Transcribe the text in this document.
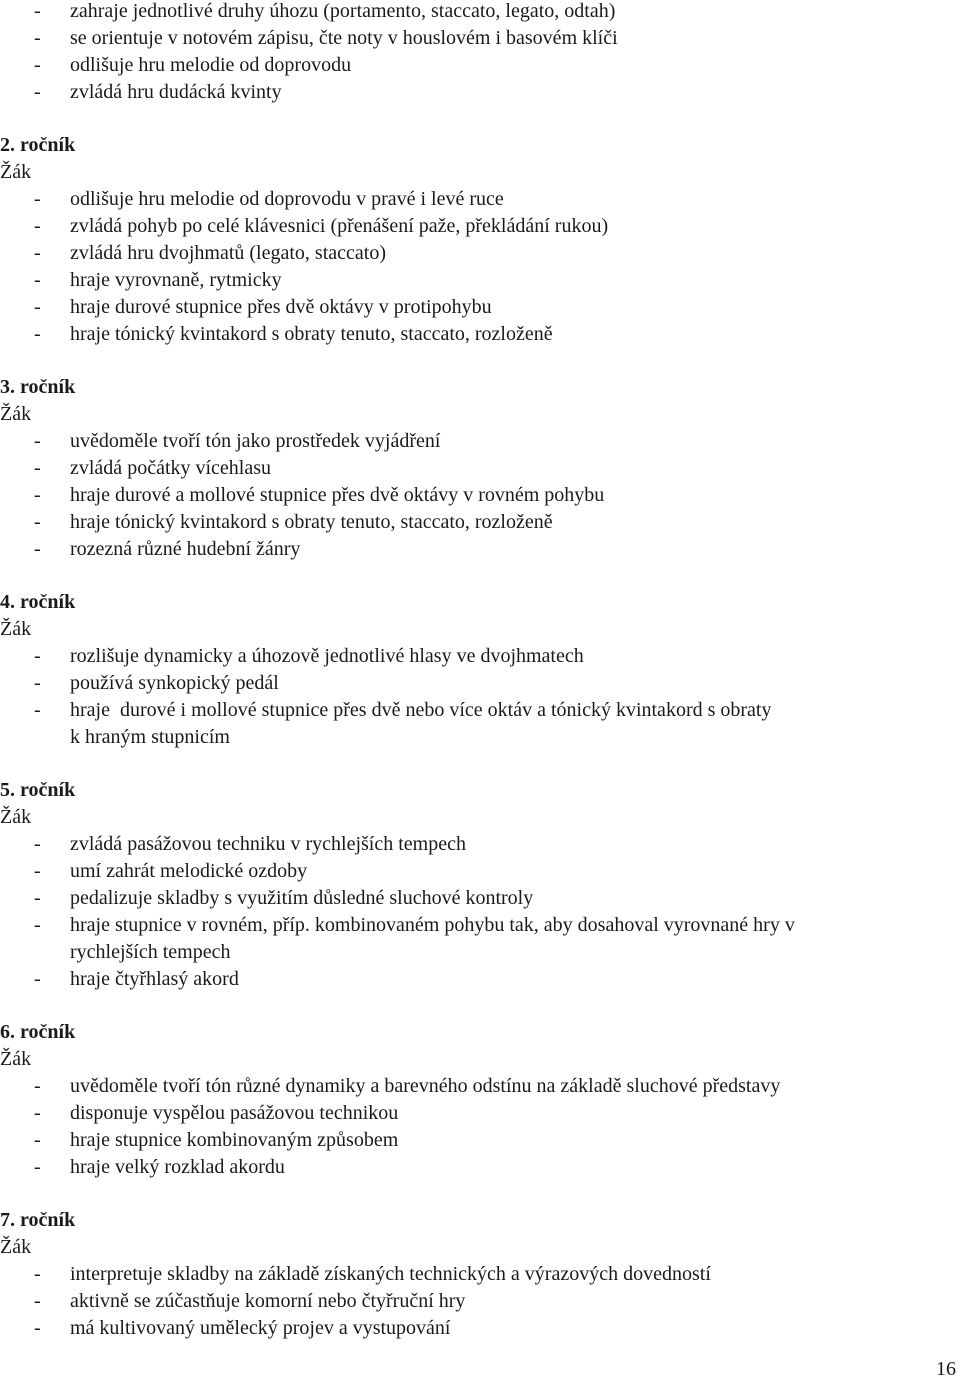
- zahraje jednotlivé druhy úhozu (portamento, staccato, legato, odtah)
- se orientuje v notovém zápisu, čte noty v houslovém i basovém klíči
- odlišuje hru melodie od doprovodu
- zvládá hru dudácká kvinty
2. ročník
Žák
- odlišuje hru melodie od doprovodu v pravé i levé ruce
- zvládá pohyb po celé klávesnici (přenášení paže, překládání rukou)
- zvládá hru dvojhmatů (legato, staccato)
- hraje vyrovnaně, rytmicky
- hraje durové stupnice přes dvě oktávy v protipohybu
- hraje tónický kvintakord s obraty tenuto, staccato, rozloženě
3. ročník
Žák
- uvědoměle tvoří tón jako prostředek vyjádření
- zvládá počátky vícehlasu
- hraje durové a mollové stupnice přes dvě oktávy v rovném pohybu
- hraje tónický kvintakord s obraty tenuto, staccato, rozloženě
- rozezná různé hudební žánry
4. ročník
Žák
- rozlišuje dynamicky a úhozově jednotlivé hlasy ve dvojhmatech
- používá synkopický pedál
- hraje  durové i mollové stupnice přes dvě nebo více oktáv a tónický kvintakord s obraty
k hraným stupnicím
5. ročník
Žák
- zvládá pasážovou techniku v rychlejších tempech
- umí zahrát melodické ozdoby
- pedalizuje skladby s využitím důsledné sluchové kontroly
- hraje stupnice v rovném, příp. kombinovaném pohybu tak, aby dosahoval vyrovnané hry v
rychlejších tempech
- hraje čtyřhlasý akord
6. ročník
Žák
- uvědoměle tvoří tón různé dynamiky a barevného odstínu na základě sluchové představy
- disponuje vyspělou pasážovou technikou
- hraje stupnice kombinovaným způsobem
- hraje velký rozklad akordu
7. ročník
Žák
- interpretuje skladby na základě získaných technických a výrazových dovedností
- aktivně se zúčastňuje komorní nebo čtyřruční hry
- má kultivovaný umělecký projev a vystupování
16
